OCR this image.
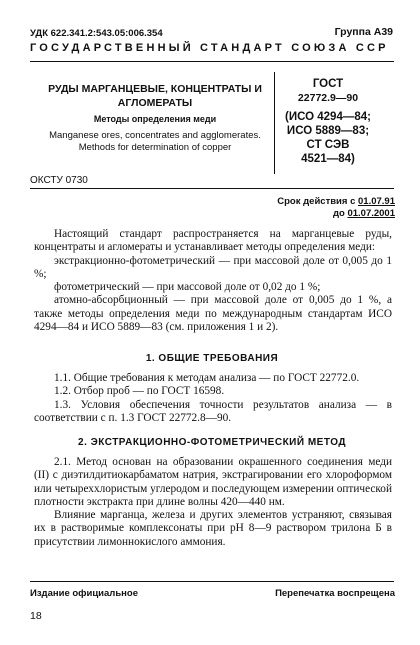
УДК 622.341.2:543.05:006.354	Группа А39
ГОСУДАРСТВЕННЫЙ СТАНДАРТ СОЮЗА ССР
РУДЫ МАРГАНЦЕВЫЕ, КОНЦЕНТРАТЫ И АГЛОМЕРАТЫ
Методы определения меди
Manganese ores, concentrates and agglomerates. Methods for determination of copper
ГОСТ
22772.9—90
(ИСО 4294—84;
ИСО 5889—83;
СТ СЭВ
4521—84)
ОКСТУ 0730
Срок действия с 01.07.91
до 01.07.2001
Настоящий стандарт распространяется на марганцевые руды, концентраты и агломераты и устанавливает методы определения меди:
экстракционно-фотометрический — при массовой доле от 0,005 до 1 %;
фотометрический — при массовой доле от 0,02 до 1 %;
атомно-абсорбционный — при массовой доле от 0,005 до 1 %, а также методы определения меди по международным стандартам ИСО 4294—84 и ИСО 5889—83 (см. приложения 1 и 2).
1. ОБЩИЕ ТРЕБОВАНИЯ
1.1. Общие требования к методам анализа — по ГОСТ 22772.0.
1.2. Отбор проб — по ГОСТ 16598.
1.3. Условия обеспечения точности результатов анализа — в соответствии с п. 1.3 ГОСТ 22772.8—90.
2. ЭКСТРАКЦИОННО-ФОТОМЕТРИЧЕСКИЙ МЕТОД
2.1. Метод основан на образовании окрашенного соединения меди (II) с диэтилдитиокарбаматом натрия, экстрагировании его хлороформом или четыреххлористым углеродом и последующем измерении оптической плотности экстракта при длине волны 420—440 нм.
Влияние марганца, железа и других элементов устраняют, связывая их в растворимые комплексонаты при рН 8—9 раствором трилона Б в присутствии лимоннокислого аммония.
Издание официальное	Перепечатка воспрещена
18
